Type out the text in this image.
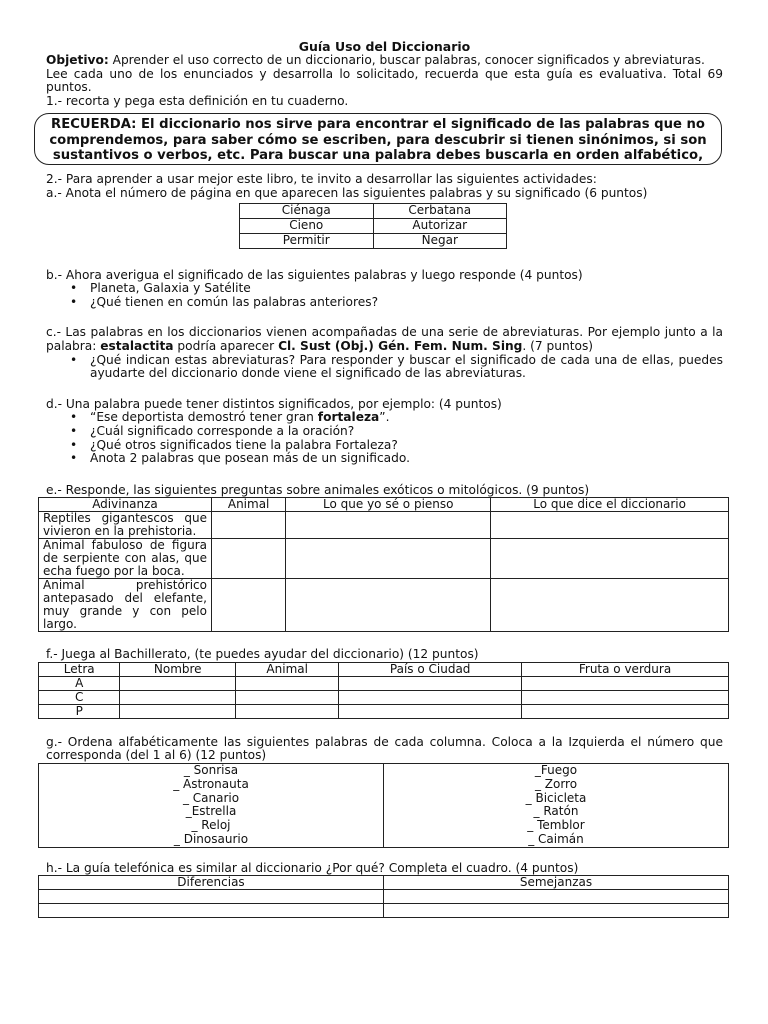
Guía Uso del Diccionario

Objetivo: Aprender el uso correcto de un diccionario, buscar palabras, conocer significados y abreviaturas.

Lee cada uno de los enunciados y desarrolla lo solicitado, recuerda que esta guía es evaluativa. Total 69 puntos.

1.- recorta y pega esta definición en tu cuaderno.

RECUERDA: El diccionario nos sirve para encontrar el significado de las palabras que no comprendemos, para saber cómo se escriben, para descubrir si tienen sinónimos, si son sustantivos o verbos, etc. Para buscar una palabra debes buscarla en orden alfabético,

2.- Para aprender a usar mejor este libro, te invito a desarrollar las siguientes actividades:

a.- Anota el número de página en que aparecen las siguientes palabras y su significado (6 puntos)

Ciénaga	Cerbatana
Cieno	Autorizar
Permitir	Negar

b.- Ahora averigua el significado de las siguientes palabras y luego responde (4 puntos)

• Planeta, Galaxia y Satélite
• ¿Qué tienen en común las palabras anteriores?

c.- Las palabras en los diccionarios vienen acompañadas de una serie de abreviaturas. Por ejemplo junto a la palabra: estalactita podría aparecer Cl. Sust (Obj.) Gén. Fem. Num. Sing. (7 puntos)

• ¿Qué indican estas abreviaturas? Para responder y buscar el significado de cada una de ellas, puedes ayudarte del diccionario donde viene el significado de las abreviaturas.

d.- Una palabra puede tener distintos significados, por ejemplo: (4 puntos)

• “Ese deportista demostró tener gran fortaleza”.
• ¿Cuál significado corresponde a la oración?
• ¿Qué otros significados tiene la palabra Fortaleza?
• Anota 2 palabras que posean más de un significado.

e.- Responde, las siguientes preguntas sobre animales exóticos o mitológicos. (9 puntos)

Adivinanza	Animal	Lo que yo sé o pienso	Lo que dice el diccionario
Reptiles gigantescos que vivieron en la prehistoria.			
Animal fabuloso de figura de serpiente con alas, que echa fuego por la boca.			
Animal prehistórico antepasado del elefante, muy grande y con pelo largo.			

f.- Juega al Bachillerato, (te puedes ayudar del diccionario) (12 puntos)

Letra	Nombre	Animal	País o Ciudad	Fruta o verdura
A				
C				
P				

g.- Ordena alfabéticamente las siguientes palabras de cada columna. Coloca a la Izquierda el número que corresponda (del 1 al 6) (12 puntos)

_ Sonrisa
_ Astronauta
_ Canario
_Estrella
_ Reloj
_ Dinosaurio

_Fuego
_ Zorro
_ Bicicleta
_ Ratón
_ Temblor
_ Caimán

h.- La guía telefónica es similar al diccionario ¿Por qué? Completa el cuadro. (4 puntos)

Diferencias	Semejanzas
